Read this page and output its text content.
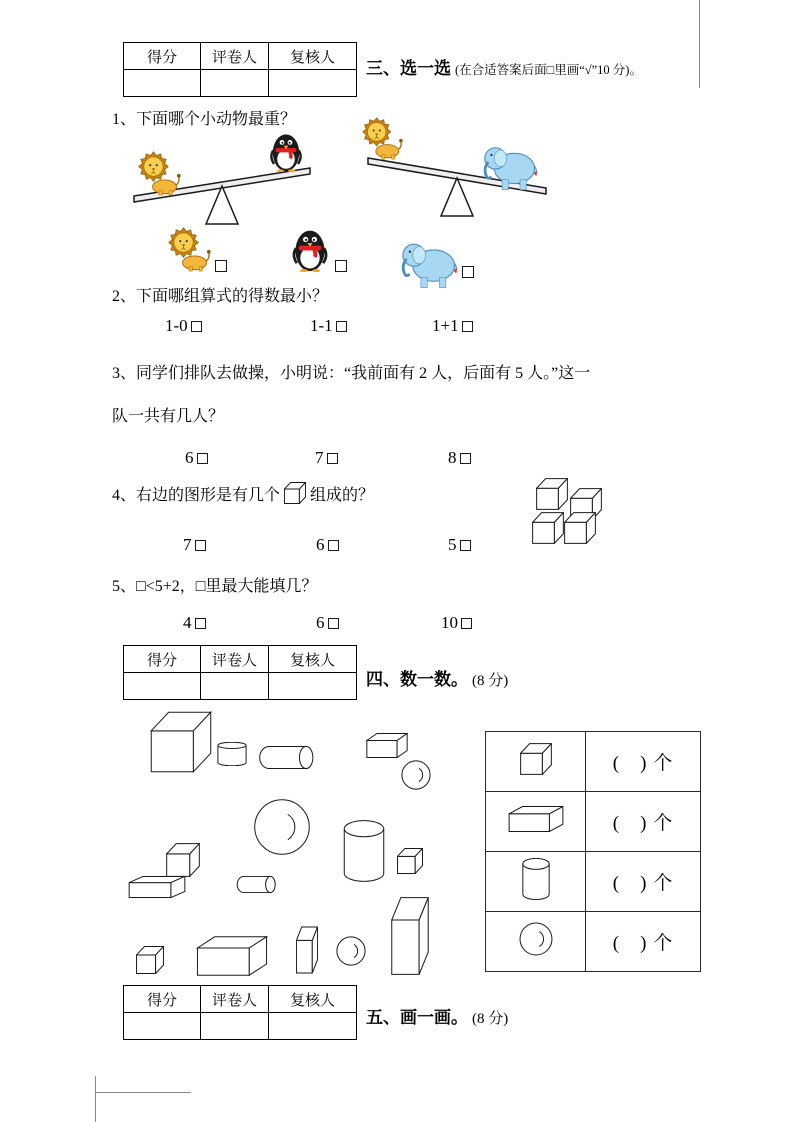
得分	评卷人	复核人

三、选一选 (在合适答案后面□里画“√”10 分)。
1、下面哪个小动物最重？
2、下面哪组算式的得数最小？
1-0	1-1	1+1
3、同学们排队去做操，小明说：“我前面有 2 人，后面有 5 人。”这一
队一共有几人？
6	7	8
4、右边的图形是有几个 组成的？
7	6	5
5、□<5+2，□里最大能填几？
4	6	10
得分	评卷人	复核人

四、数一数。 (8 分)
	(　) 个
	(　) 个
	(　) 个
	(　) 个
得分	评卷人	复核人

五、画一画。 (8 分)
